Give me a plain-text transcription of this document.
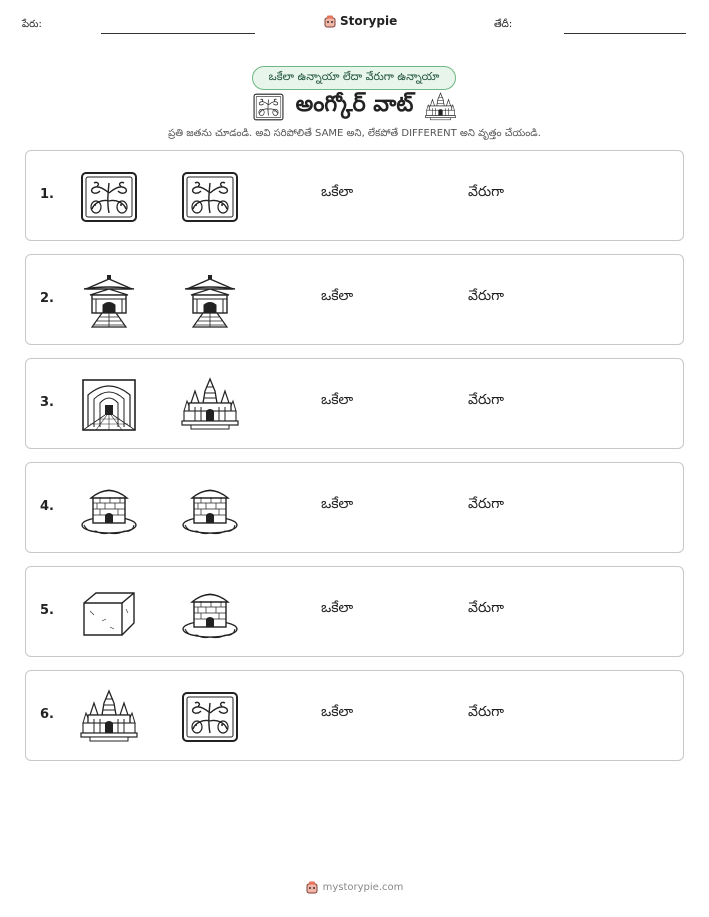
పేరు:	Storypie	తేదీ:
ఒకేలా ఉన్నాయా లేదా వేరుగా ఉన్నాయా
అంగ్కోర్ వాట్
ప్రతి జతను చూడండి. అవి సరిపోలితే SAME అని, లేకపోతే DIFFERENT అని వృత్తం చేయండి.
1.	ఒకేలా	వేరుగా
2.	ఒకేలా	వేరుగా
3.	ఒకేలా	వేరుగా
4.	ఒకేలా	వేరుగా
5.	ఒకేలా	వేరుగా
6.	ఒకేలా	వేరుగా
mystorypie.com
